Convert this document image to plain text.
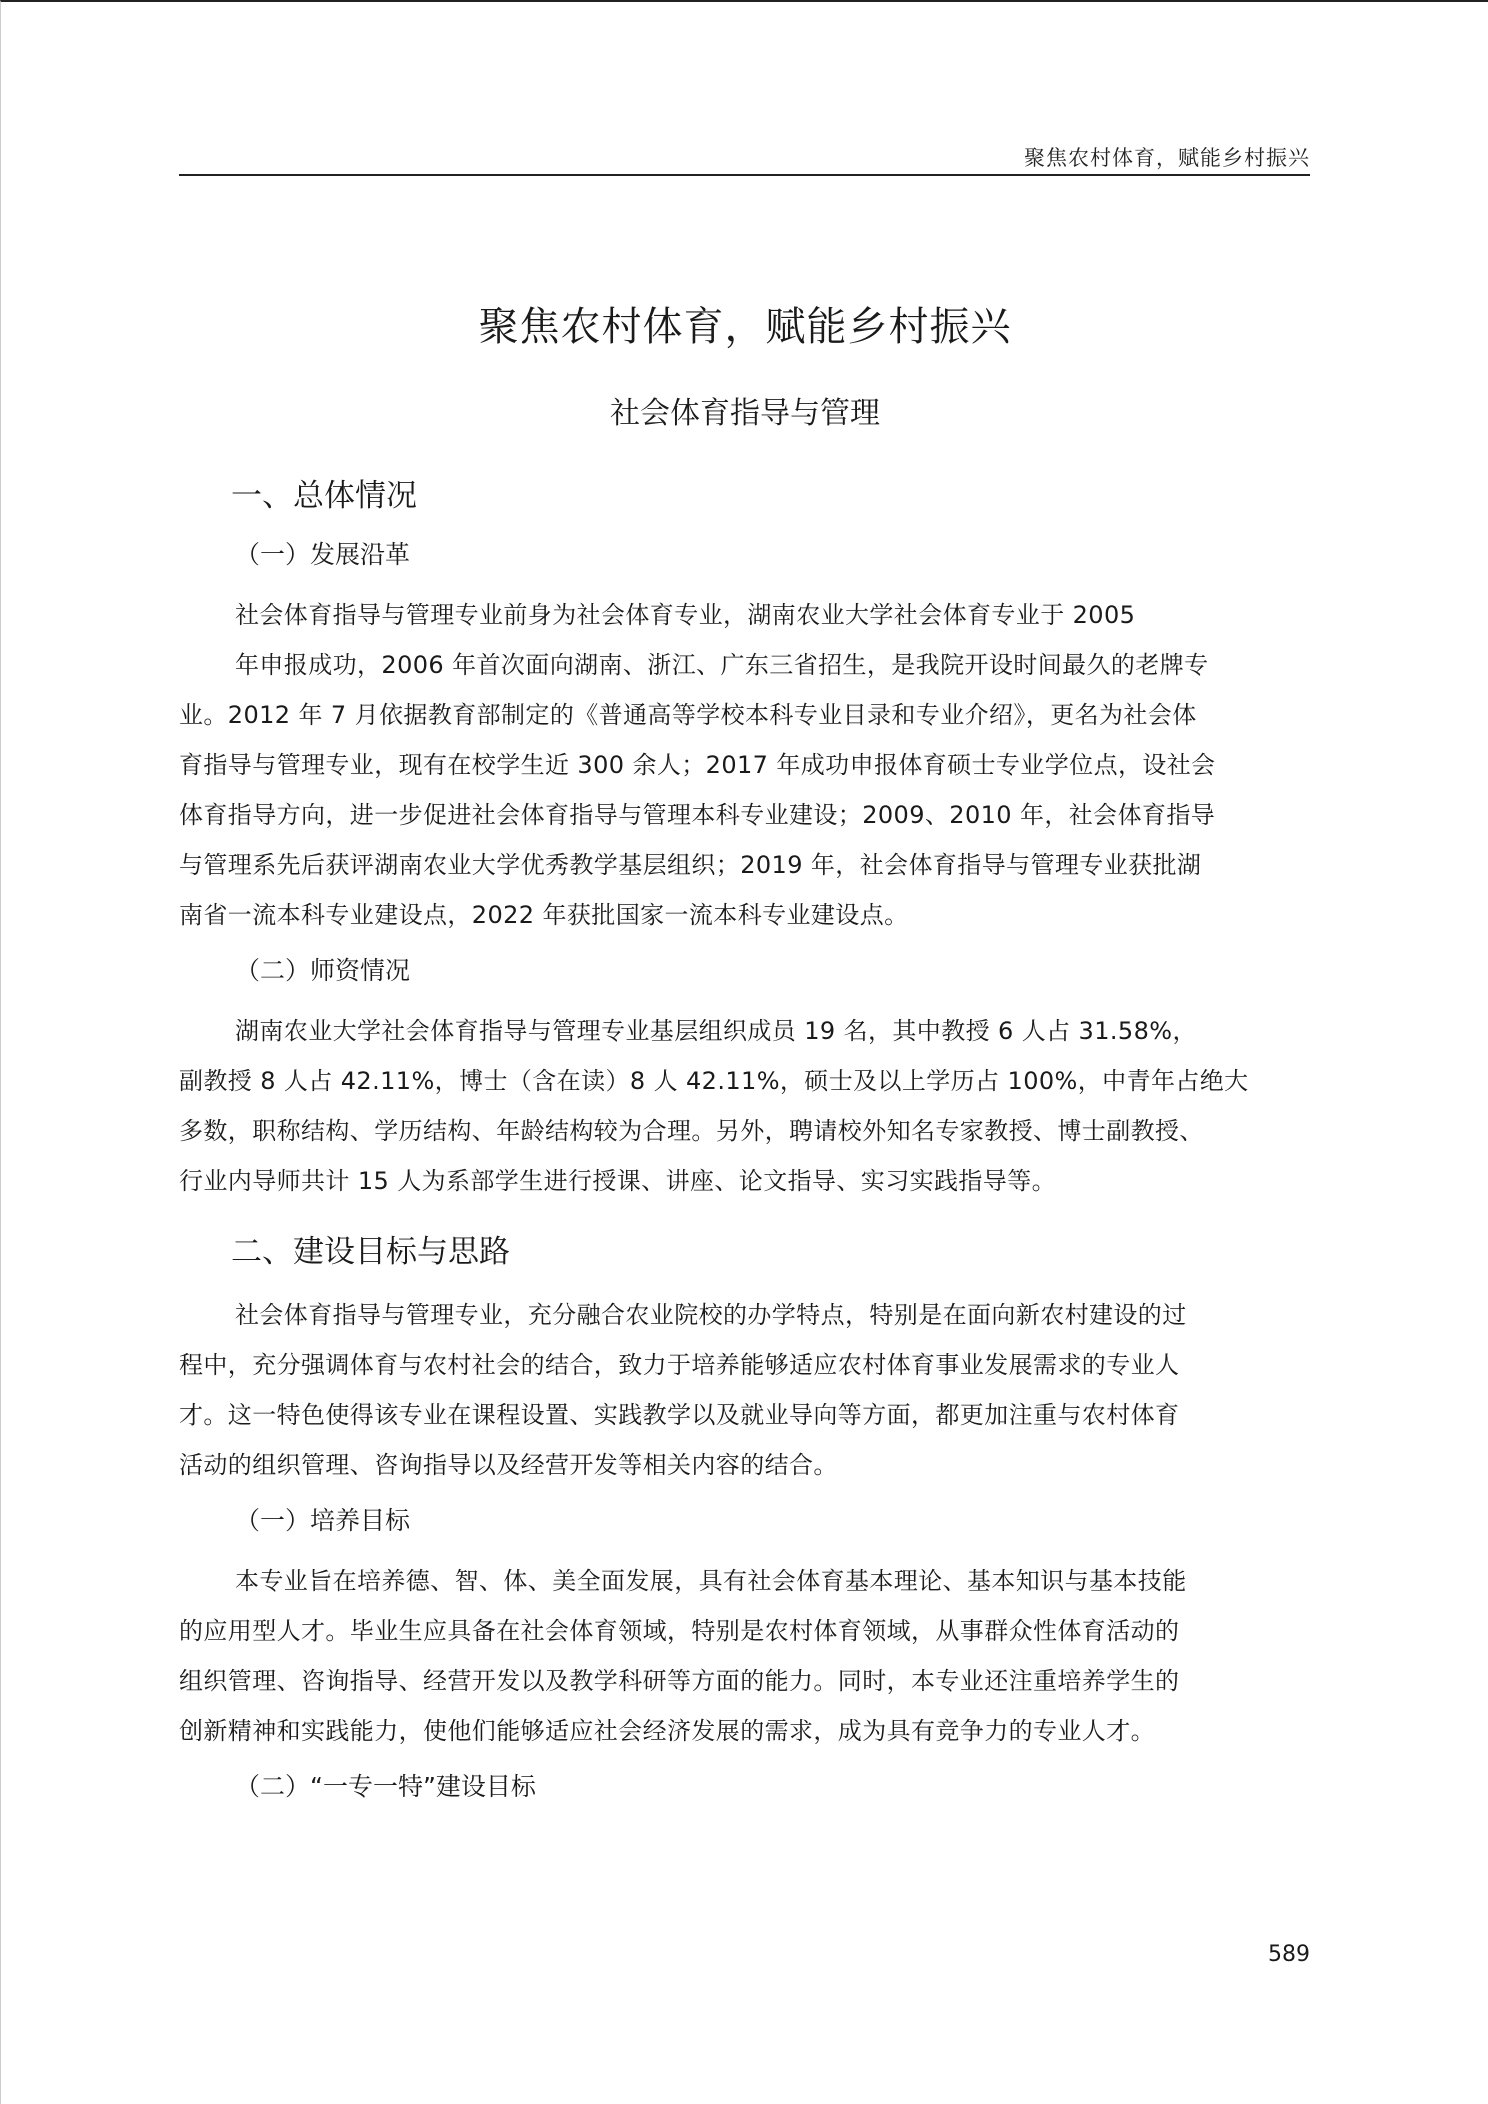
聚焦农村体育，赋能乡村振兴
聚焦农村体育，赋能乡村振兴
社会体育指导与管理
一、总体情况
（一）发展沿革
社会体育指导与管理专业前身为社会体育专业，湖南农业大学社会体育专业于 2005
年申报成功，2006 年首次面向湖南、浙江、广东三省招生，是我院开设时间最久的老牌专
业。2012 年 7 月依据教育部制定的《普通高等学校本科专业目录和专业介绍》，更名为社会体
育指导与管理专业，现有在校学生近 300 余人；2017 年成功申报体育硕士专业学位点，设社会
体育指导方向，进一步促进社会体育指导与管理本科专业建设；2009、2010 年，社会体育指导
与管理系先后获评湖南农业大学优秀教学基层组织；2019 年，社会体育指导与管理专业获批湖
南省一流本科专业建设点，2022 年获批国家一流本科专业建设点。
（二）师资情况
湖南农业大学社会体育指导与管理专业基层组织成员 19 名，其中教授 6 人占 31.58%，
副教授 8 人占 42.11%，博士（含在读）8 人 42.11%，硕士及以上学历占 100%，中青年占绝大
多数，职称结构、学历结构、年龄结构较为合理。另外，聘请校外知名专家教授、博士副教授、
行业内导师共计 15 人为系部学生进行授课、讲座、论文指导、实习实践指导等。
二、建设目标与思路
社会体育指导与管理专业，充分融合农业院校的办学特点，特别是在面向新农村建设的过
程中，充分强调体育与农村社会的结合，致力于培养能够适应农村体育事业发展需求的专业人
才。这一特色使得该专业在课程设置、实践教学以及就业导向等方面，都更加注重与农村体育
活动的组织管理、咨询指导以及经营开发等相关内容的结合。
（一）培养目标
本专业旨在培养德、智、体、美全面发展，具有社会体育基本理论、基本知识与基本技能
的应用型人才。毕业生应具备在社会体育领域，特别是农村体育领域，从事群众性体育活动的
组织管理、咨询指导、经营开发以及教学科研等方面的能力。同时，本专业还注重培养学生的
创新精神和实践能力，使他们能够适应社会经济发展的需求，成为具有竞争力的专业人才。
（二）“一专一特”建设目标
589
